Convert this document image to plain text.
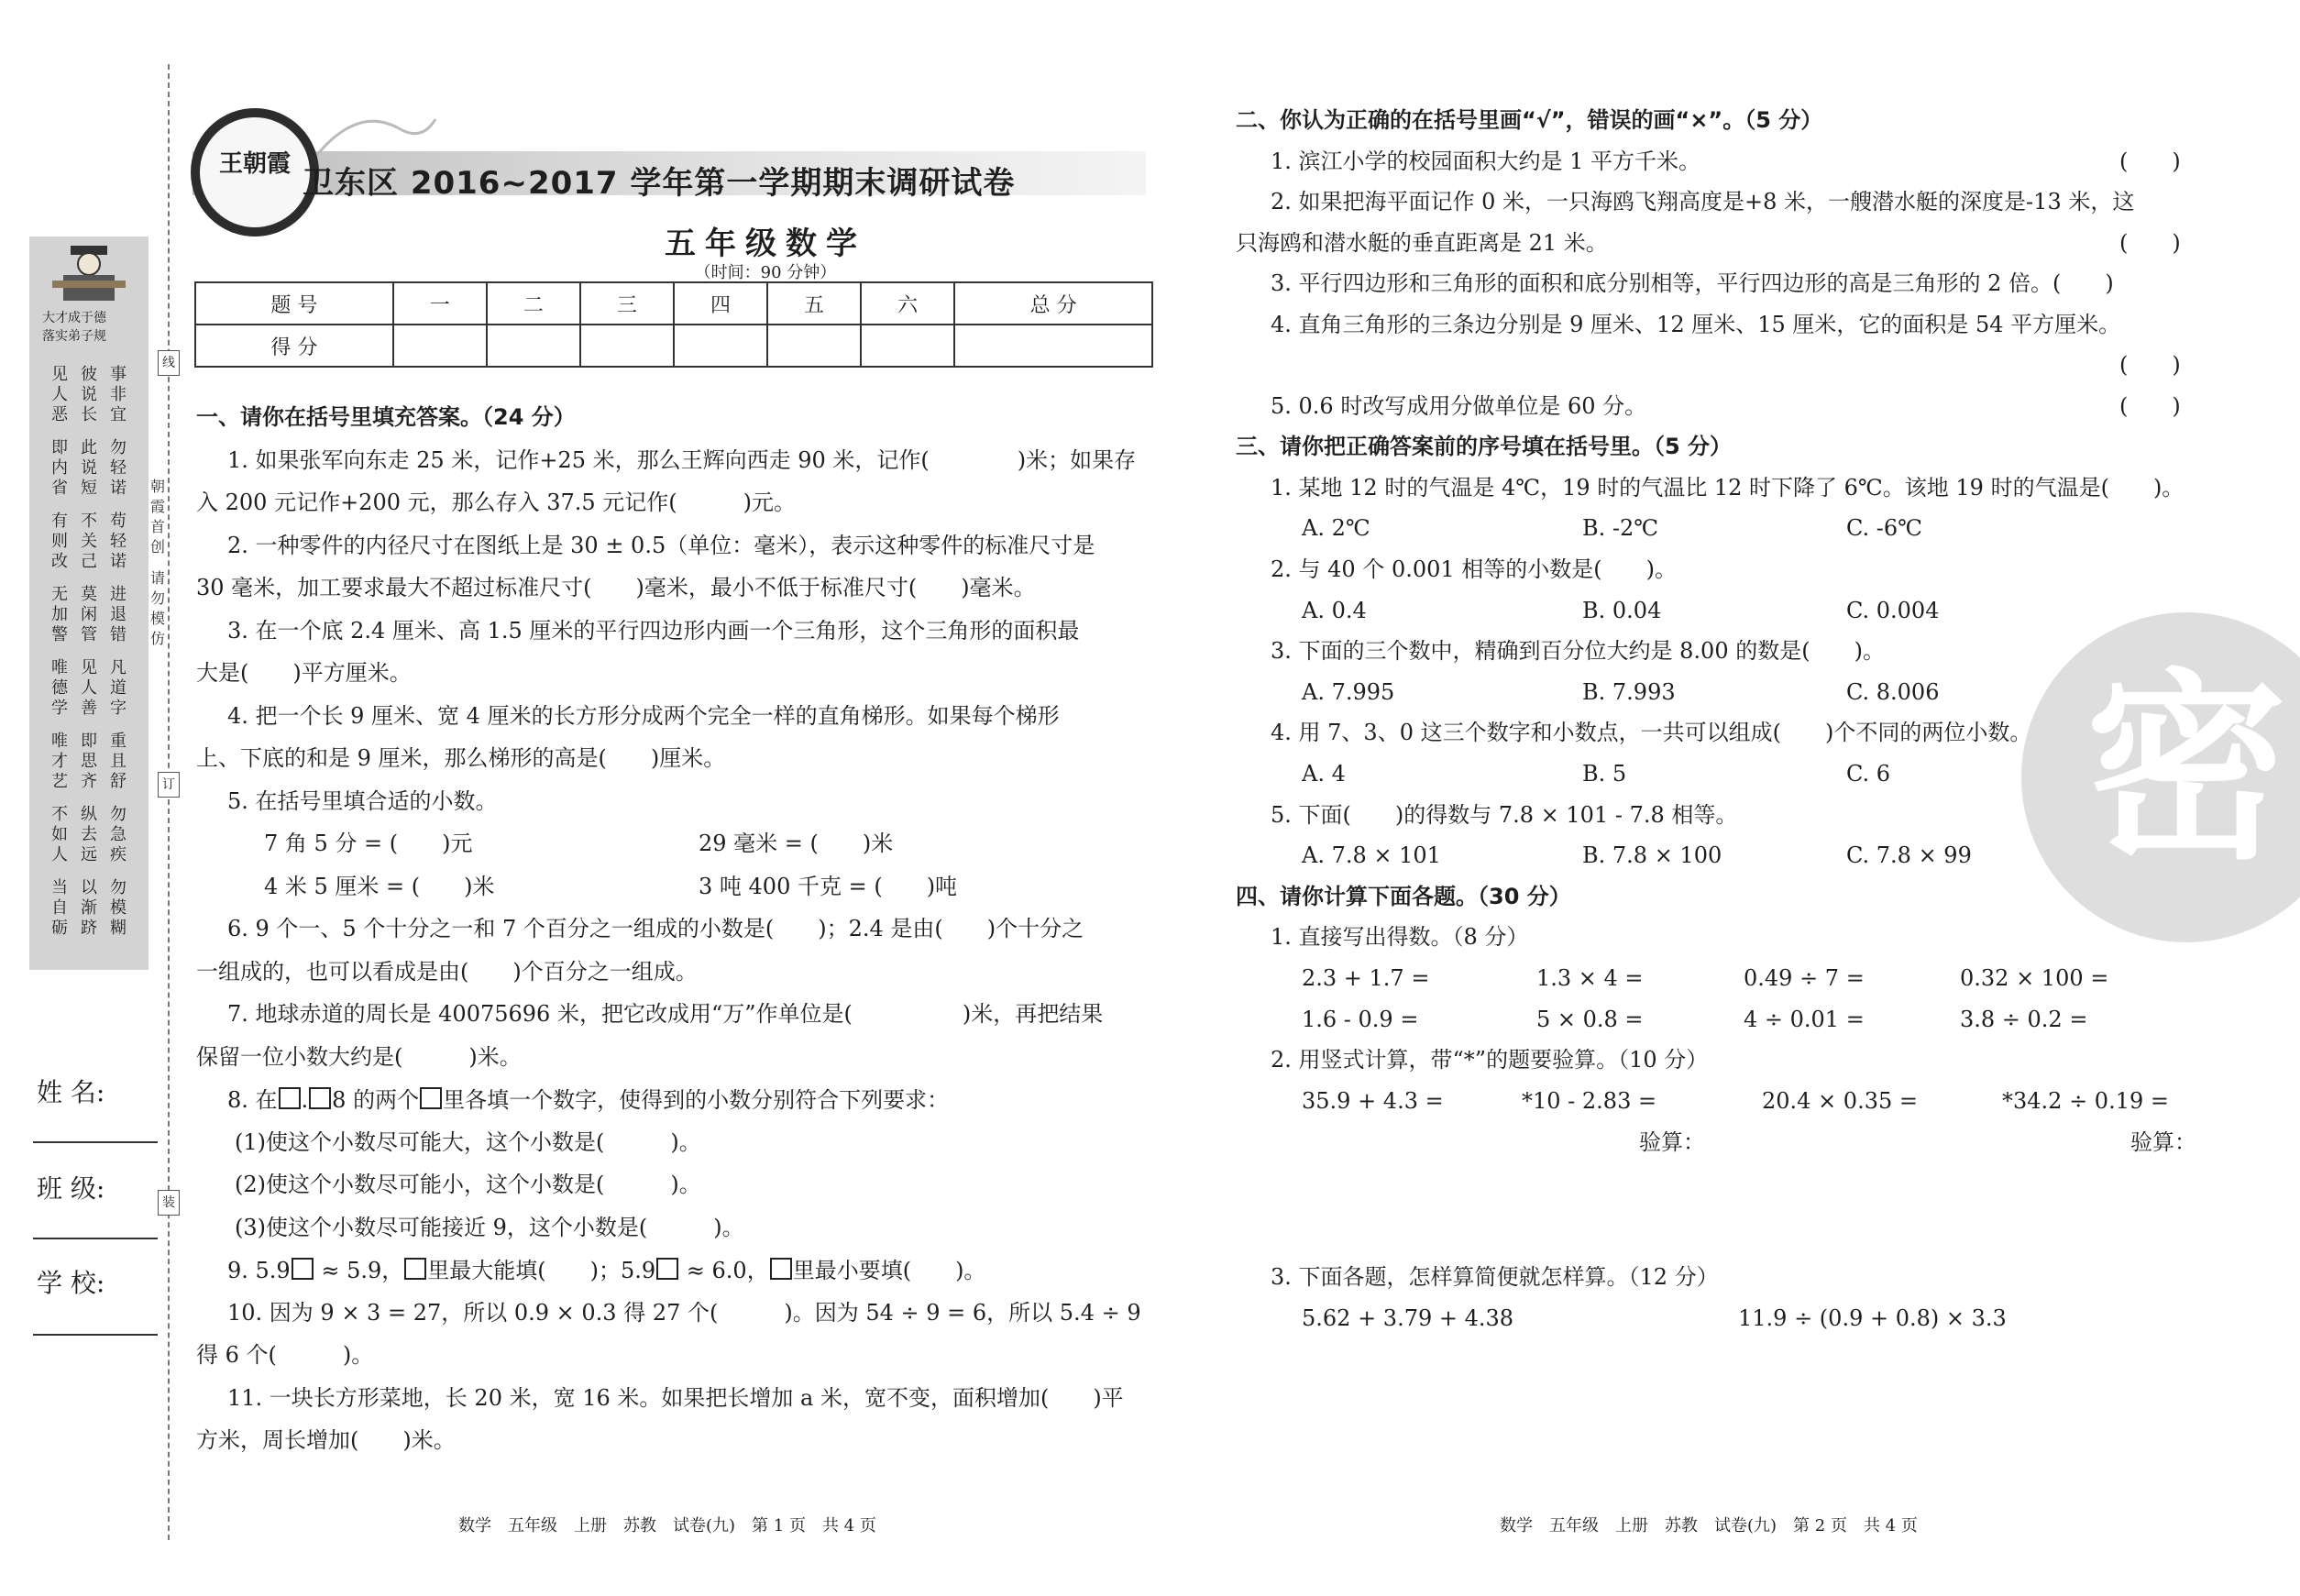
大才成于德
落实弟子规
见
人
恶
彼
说
长
事
非
宜
即
内
省
此
说
短
勿
轻
诺
有
则
改
不
关
己
苟
轻
诺
无
加
警
莫
闲
管
进
退
错
唯
德
学
见
人
善
凡
道
字
唯
才
艺
即
思
齐
重
且
舒
不
如
人
纵
去
远
勿
急
疾
当
自
砺
以
渐
跻
勿
模
糊
线
订
装
朝
霞
首
创
请
勿
模
仿
姓 名:
班 级:
学 校:
王朝霞
卫东区 2016~2017 学年第一学期期末调研试卷
五年级数学
（时间：90 分钟）
题 号	一	二	三	四	五	六	总 分
得 分							
一、请你在括号里填充答案。（24 分）
1. 如果张军向东走 25 米，记作+25 米，那么王辉向西走 90 米，记作(　　　　)米；如果存
入 200 元记作+200 元，那么存入 37.5 元记作(　　　)元。
2. 一种零件的内径尺寸在图纸上是 30 ± 0.5（单位：毫米），表示这种零件的标准尺寸是
30 毫米，加工要求最大不超过标准尺寸(　　)毫米，最小不低于标准尺寸(　　)毫米。
3. 在一个底 2.4 厘米、高 1.5 厘米的平行四边形内画一个三角形，这个三角形的面积最
大是(　　)平方厘米。
4. 把一个长 9 厘米、宽 4 厘米的长方形分成两个完全一样的直角梯形。如果每个梯形
上、下底的和是 9 厘米，那么梯形的高是(　　)厘米。
5. 在括号里填合适的小数。
7 角 5 分 = (　　)元	29 毫米 = (　　)米
4 米 5 厘米 = (　　)米	3 吨 400 千克 = (　　)吨
6. 9 个一、5 个十分之一和 7 个百分之一组成的小数是(　　)；2.4 是由(　　)个十分之
一组成的，也可以看成是由(　　)个百分之一组成。
7. 地球赤道的周长是 40075696 米，把它改成用“万”作单位是(　　　　　)米，再把结果
保留一位小数大约是(　　　)米。
8. 在 . 8 的两个 里各填一个数字，使得到的小数分别符合下列要求：
(1)使这个小数尽可能大，这个小数是(　　　)。
(2)使这个小数尽可能小，这个小数是(　　　)。
(3)使这个小数尽可能接近 9，这个小数是(　　　)。
9. 5.9 ≈ 5.9， 里最大能填(　　)；5.9 ≈ 6.0， 里最小要填(　　)。
10. 因为 9 × 3 = 27，所以 0.9 × 0.3 得 27 个(　　　)。因为 54 ÷ 9 = 6，所以 5.4 ÷ 9
得 6 个(　　　)。
11. 一块长方形菜地，长 20 米，宽 16 米。如果把长增加 a 米，宽不变，面积增加(　　)平
方米，周长增加(　　)米。
数学　五年级　上册　苏教　试卷(九)　第 1 页　共 4 页
密
二、你认为正确的在括号里画“√”，错误的画“×”。（5 分）
1. 滨江小学的校园面积大约是 1 平方千米。	(　　)
2. 如果把海平面记作 0 米，一只海鸥飞翔高度是+8 米，一艘潜水艇的深度是-13 米，这
只海鸥和潜水艇的垂直距离是 21 米。	(　　)
3. 平行四边形和三角形的面积和底分别相等，平行四边形的高是三角形的 2 倍。(　　)
4. 直角三角形的三条边分别是 9 厘米、12 厘米、15 厘米，它的面积是 54 平方厘米。
(　　)
5. 0.6 时改写成用分做单位是 60 分。	(　　)
三、请你把正确答案前的序号填在括号里。（5 分）
1. 某地 12 时的气温是 4℃，19 时的气温比 12 时下降了 6℃。该地 19 时的气温是(　　)。
A. 2℃	B. -2℃	C. -6℃
2. 与 40 个 0.001 相等的小数是(　　)。
A. 0.4	B. 0.04	C. 0.004
3. 下面的三个数中，精确到百分位大约是 8.00 的数是(　　)。
A. 7.995	B. 7.993	C. 8.006
4. 用 7、3、0 这三个数字和小数点，一共可以组成(　　)个不同的两位小数。
A. 4	B. 5	C. 6
5. 下面(　　)的得数与 7.8 × 101 - 7.8 相等。
A. 7.8 × 101	B. 7.8 × 100	C. 7.8 × 99
四、请你计算下面各题。（30 分）
1. 直接写出得数。（8 分）
2.3 + 1.7 =	1.3 × 4 =	0.49 ÷ 7 =	0.32 × 100 =
1.6 - 0.9 =	5 × 0.8 =	4 ÷ 0.01 =	3.8 ÷ 0.2 =
2. 用竖式计算，带“*”的题要验算。（10 分）
35.9 + 4.3 =	*10 - 2.83 =	20.4 × 0.35 =	*34.2 ÷ 0.19 =
验算：	验算：
3. 下面各题，怎样算简便就怎样算。（12 分）
5.62 + 3.79 + 4.38	11.9 ÷ (0.9 + 0.8) × 3.3
数学　五年级　上册　苏教　试卷(九)　第 2 页　共 4 页
